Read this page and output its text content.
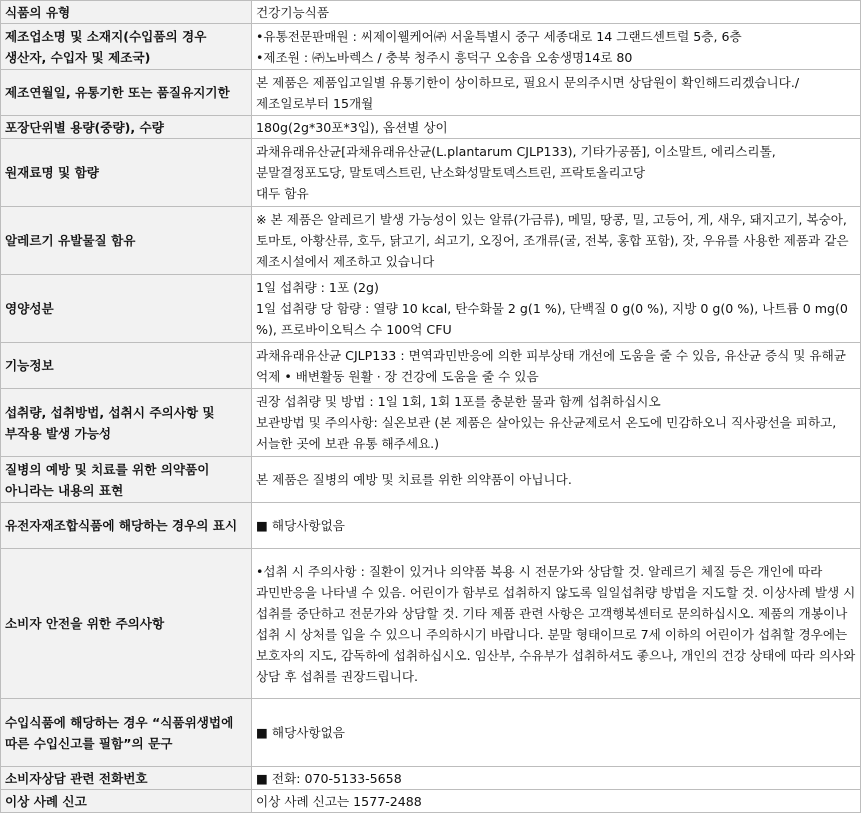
식품의 유형	건강기능식품

제조업소명 및 소재지(수입품의 경우 생산자, 수입자 및 제조국)	•유통전문판매원 : 씨제이웰케어㈜ 서울특별시 중구 세종대로 14 그랜드센트럴 5층, 6층
•제조원 : ㈜노바렉스 / 충북 청주시 흥덕구 오송읍 오송생명14로 80

제조연월일, 유통기한 또는 품질유지기한	본 제품은 제품입고일별 유통기한이 상이하므로, 필요시 문의주시면 상담원이 확인해드리겠습니다./제조일로부터 15개월

포장단위별 용량(중량), 수량	180g(2g*30포*3입), 옵션별 상이

원재료명 및 함량	과채유래유산균[과채유래유산균(L.plantarum CJLP133), 기타가공품], 이소말트, 에리스리톨, 분말결정포도당, 말토덱스트린, 난소화성말토덱스트린, 프락토올리고당
대두 함유

알레르기 유발물질 함유	※ 본 제품은 알레르기 발생 가능성이 있는 알류(가금류), 메밀, 땅콩, 밀, 고등어, 게, 새우, 돼지고기, 복숭아, 토마토, 아황산류, 호두, 닭고기, 쇠고기, 오징어, 조개류(굴, 전복, 홍합 포함), 잣, 우유를 사용한 제품과 같은 제조시설에서 제조하고 있습니다

영양성분	1일 섭취량 : 1포 (2g)
1일 섭취량 당 함량 : 열량 10 kcal, 탄수화물 2 g(1 %), 단백질 0 g(0 %), 지방 0 g(0 %), 나트륨 0 mg(0 %), 프로바이오틱스 수 100억 CFU

기능정보	과채유래유산균 CJLP133 : 면역과민반응에 의한 피부상태 개선에 도움을 줄 수 있음, 유산균 증식 및 유해균 억제 • 배변활동 원활 · 장 건강에 도움을 줄 수 있음

섭취량, 섭취방법, 섭취시 주의사항 및 부작용 발생 가능성	권장 섭취량 및 방법 : 1일 1회, 1회 1포를 충분한 물과 함께 섭취하십시오
보관방법 및 주의사항: 실온보관 (본 제품은 살아있는 유산균제로서 온도에 민감하오니 직사광선을 피하고, 서늘한 곳에 보관 유통 해주세요.)

질병의 예방 및 치료를 위한 의약품이 아니라는 내용의 표현	본 제품은 질병의 예방 및 치료를 위한 의약품이 아닙니다.

유전자재조합식품에 해당하는 경우의 표시	■ 해당사항없음

소비자 안전을 위한 주의사항	•섭취 시 주의사항 : 질환이 있거나 의약품 복용 시 전문가와 상담할 것. 알레르기 체질 등은 개인에 따라 과민반응을 나타낼 수 있음. 어린이가 함부로 섭취하지 않도록 일일섭취량 방법을 지도할 것. 이상사례 발생 시 섭취를 중단하고 전문가와 상담할 것. 기타 제품 관련 사항은 고객행복센터로 문의하십시오. 제품의 개봉이나 섭취 시 상처를 입을 수 있으니 주의하시기 바랍니다. 분말 형태이므로 7세 이하의 어린이가 섭취할 경우에는 보호자의 지도, 감독하에 섭취하십시오. 임산부, 수유부가 섭취하셔도 좋으나, 개인의 건강 상태에 따라 의사와 상담 후 섭취를 권장드립니다.

수입식품에 해당하는 경우 “식품위생법에 따른 수입신고를 필함”의 문구	■ 해당사항없음

소비자상담 관련 전화번호	■ 전화: 070-5133-5658

이상 사례 신고	이상 사례 신고는 1577-2488
